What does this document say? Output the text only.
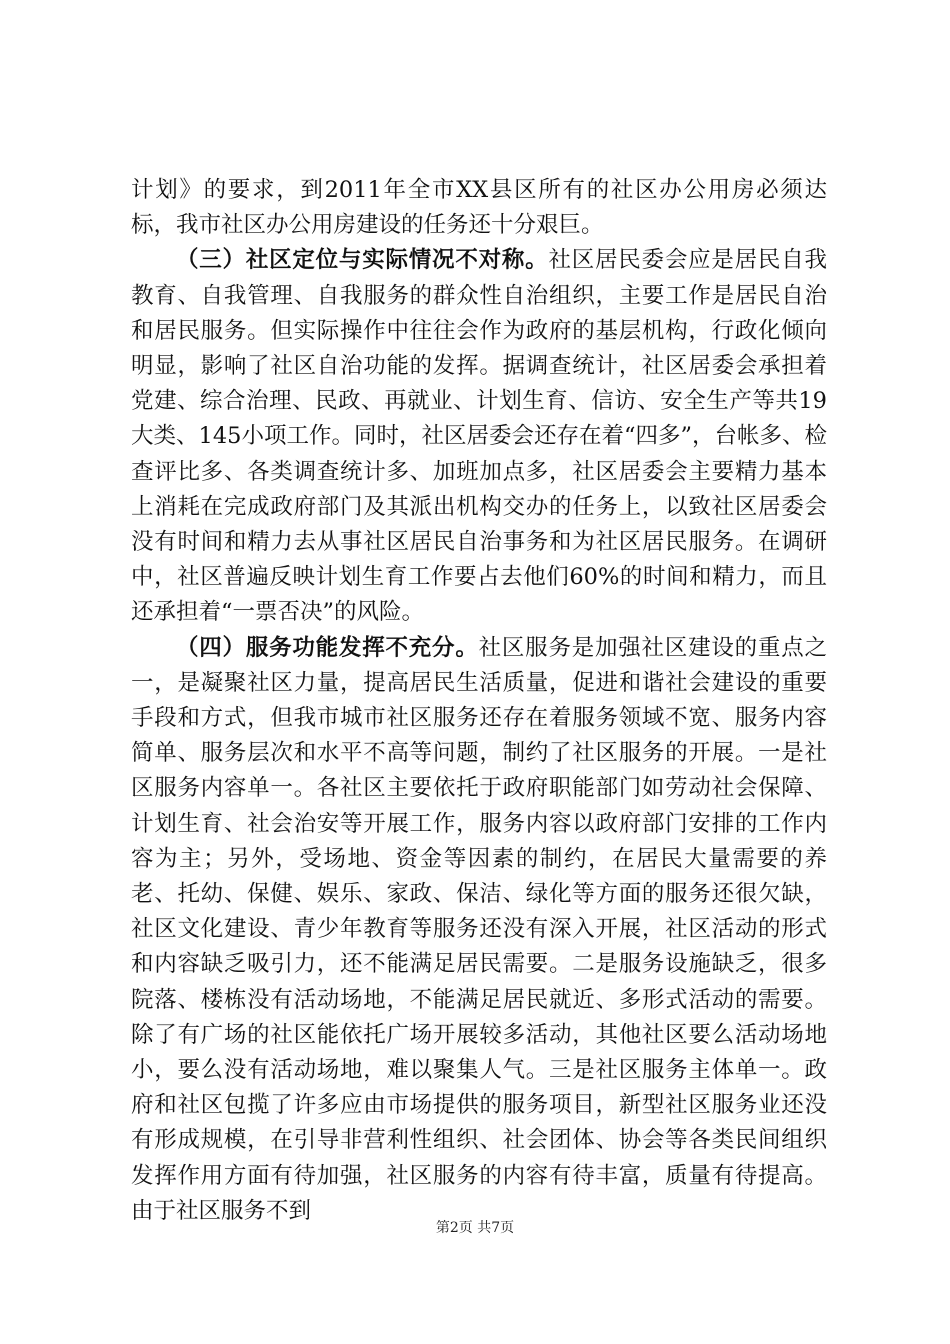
计划》的要求，到2011年全市XX县区所有的社区办公用房必须达标，我市社区办公用房建设的任务还十分艰巨。

（三）社区定位与实际情况不对称。社区居民委会应是居民自我教育、自我管理、自我服务的群众性自治组织，主要工作是居民自治和居民服务。但实际操作中往往会作为政府的基层机构，行政化倾向明显，影响了社区自治功能的发挥。据调查统计，社区居委会承担着党建、综合治理、民政、再就业、计划生育、信访、安全生产等共19大类、145小项工作。同时，社区居委会还存在着“四多”，台帐多、检查评比多、各类调查统计多、加班加点多，社区居委会主要精力基本上消耗在完成政府部门及其派出机构交办的任务上，以致社区居委会没有时间和精力去从事社区居民自治事务和为社区居民服务。在调研中，社区普遍反映计划生育工作要占去他们60%的时间和精力，而且还承担着“一票否决”的风险。

（四）服务功能发挥不充分。社区服务是加强社区建设的重点之一，是凝聚社区力量，提高居民生活质量，促进和谐社会建设的重要手段和方式，但我市城市社区服务还存在着服务领域不宽、服务内容简单、服务层次和水平不高等问题，制约了社区服务的开展。一是社区服务内容单一。各社区主要依托于政府职能部门如劳动社会保障、计划生育、社会治安等开展工作，服务内容以政府部门安排的工作内容为主；另外，受场地、资金等因素的制约，在居民大量需要的养老、托幼、保健、娱乐、家政、保洁、绿化等方面的服务还很欠缺，社区文化建设、青少年教育等服务还没有深入开展，社区活动的形式和内容缺乏吸引力，还不能满足居民需要。二是服务设施缺乏，很多院落、楼栋没有活动场地，不能满足居民就近、多形式活动的需要。除了有广场的社区能依托广场开展较多活动，其他社区要么活动场地小，要么没有活动场地，难以聚集人气。三是社区服务主体单一。政府和社区包揽了许多应由市场提供的服务项目，新型社区服务业还没有形成规模，在引导非营利性组织、社会团体、协会等各类民间组织发挥作用方面有待加强，社区服务的内容有待丰富，质量有待提高。由于社区服务不到

第2页 共7页
